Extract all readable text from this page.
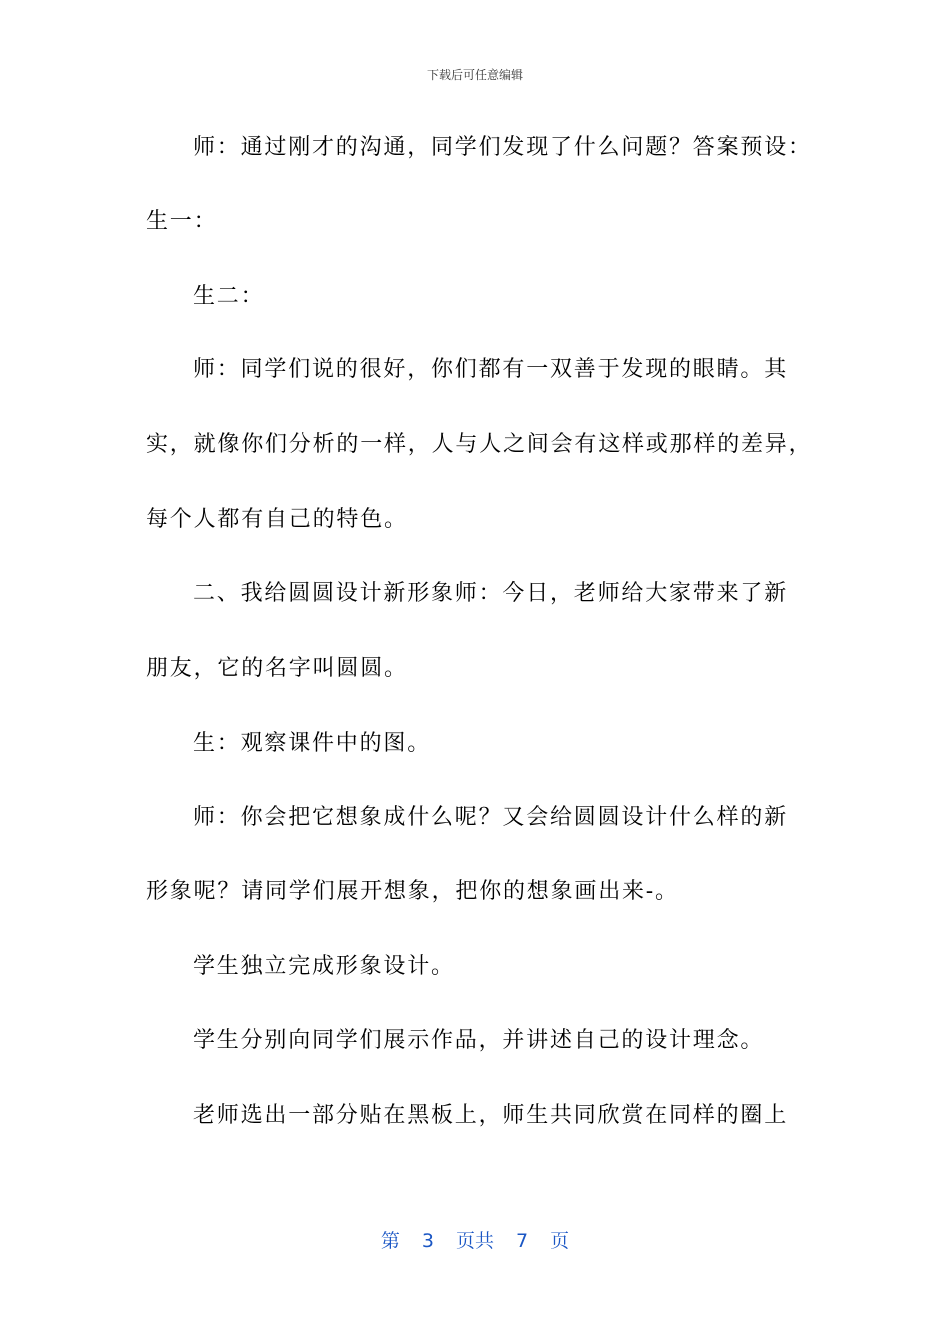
下载后可任意编辑
师：通过刚才的沟通，同学们发现了什么问题？答案预设：
生一：
生二：
师：同学们说的很好，你们都有一双善于发现的眼睛。其
实，就像你们分析的一样，人与人之间会有这样或那样的差异，
每个人都有自己的特色。
二、我给圆圆设计新形象师：今日，老师给大家带来了新
朋友，它的名字叫圆圆。
生：观察课件中的图。
师：你会把它想象成什么呢？又会给圆圆设计什么样的新
形象呢？请同学们展开想象，把你的想象画出来-。
学生独立完成形象设计。
学生分别向同学们展示作品，并讲述自己的设计理念。
老师选出一部分贴在黑板上，师生共同欣赏在同样的圈上
第 3 页共 7 页
